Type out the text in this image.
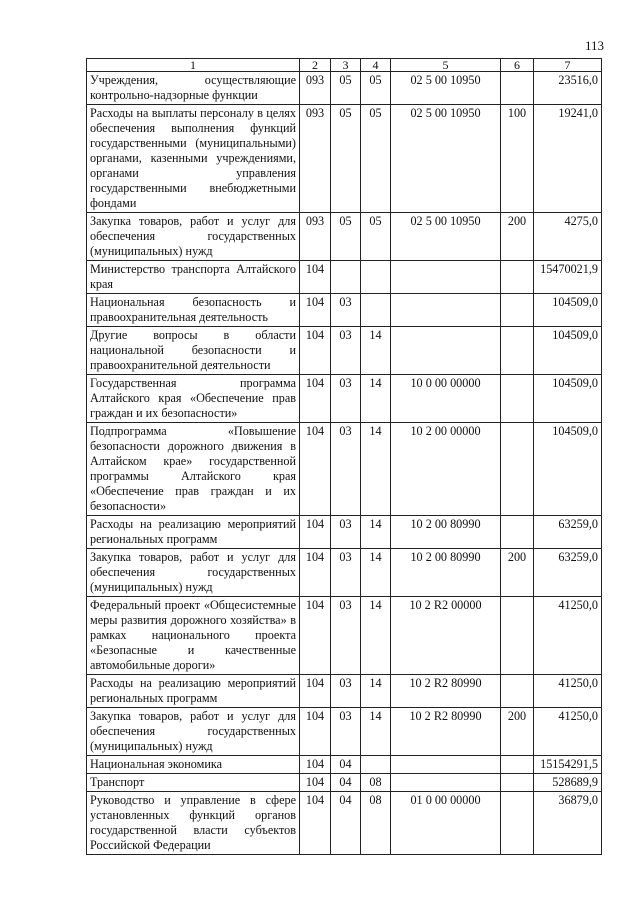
113
1	2	3	4	5	6	7
Учреждения, осуществляющие контрольно-надзорные функции	093	05	05	02 5 00 10950		23516,0
Расходы на выплаты персоналу в целях обеспечения выполнения функций государственными (муниципальными) органами, казенными учреждениями, органами управления государственными внебюджетными фондами	093	05	05	02 5 00 10950	100	19241,0
Закупка товаров, работ и услуг для обеспечения государственных (муниципальных) нужд	093	05	05	02 5 00 10950	200	4275,0
Министерство транспорта Алтайского края	104					15470021,9
Национальная безопасность и правоохранительная деятельность	104	03				104509,0
Другие вопросы в области национальной безопасности и правоохранительной деятельности	104	03	14			104509,0
Государственная программа Алтайского края «Обеспечение прав граждан и их безопасности»	104	03	14	10 0 00 00000		104509,0
Подпрограмма «Повышение безопасности дорожного движения в Алтайском крае» государственной программы Алтайского края «Обеспечение прав граждан и их безопасности»	104	03	14	10 2 00 00000		104509,0
Расходы на реализацию мероприятий региональных программ	104	03	14	10 2 00 80990		63259,0
Закупка товаров, работ и услуг для обеспечения государственных (муниципальных) нужд	104	03	14	10 2 00 80990	200	63259,0
Федеральный проект «Общесистемные меры развития дорожного хозяйства» в рамках национального проекта «Безопасные и качественные автомобильные дороги»	104	03	14	10 2 R2 00000		41250,0
Расходы на реализацию мероприятий региональных программ	104	03	14	10 2 R2 80990		41250,0
Закупка товаров, работ и услуг для обеспечения государственных (муниципальных) нужд	104	03	14	10 2 R2 80990	200	41250,0
Национальная экономика	104	04				15154291,5
Транспорт	104	04	08			528689,9
Руководство и управление в сфере установленных функций органов государственной власти субъектов Российской Федерации	104	04	08	01 0 00 00000		36879,0
